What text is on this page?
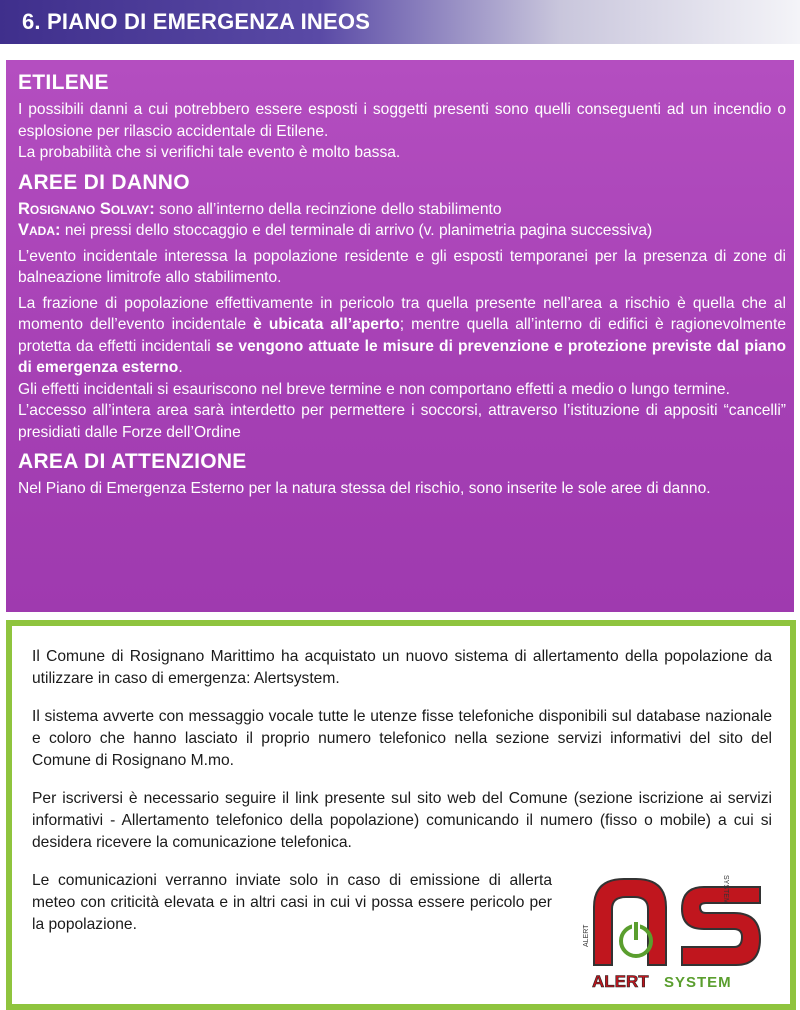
6. PIANO DI EMERGENZA INEOS
ETILENE

I possibili danni a cui potrebbero essere esposti i soggetti presenti sono quelli conseguenti ad un incendio o esplosione per rilascio accidentale di Etilene.

La probabilità che si verifichi tale evento è molto bassa.

AREE DI DANNO

Rosignano Solvay: sono all’interno della recinzione dello stabilimento

Vada: nei pressi dello stoccaggio e del terminale di arrivo (v. planimetria pagina successiva)

L’evento incidentale interessa la popolazione residente e gli esposti temporanei per la presenza di zone di balneazione limitrofe allo stabilimento.

La frazione di popolazione effettivamente in pericolo tra quella presente nell’area a rischio è quella che al momento dell’evento incidentale è ubicata all’aperto; mentre quella all’interno di edifici è ragionevolmente protetta da effetti incidentali se vengono attuate le misure di prevenzione e protezione previste dal piano di emergenza esterno.

Gli effetti incidentali si esauriscono nel breve termine e non comportano effetti a medio o lungo termine.

L’accesso all’intera area sarà interdetto per permettere i soccorsi, attraverso l’istituzione di appositi “cancelli” presidiati dalle Forze dell’Ordine

AREA DI ATTENZIONE

Nel Piano di Emergenza Esterno per la natura stessa del rischio, sono inserite le sole aree di danno.

Il Comune di Rosignano Marittimo ha acquistato un nuovo sistema di allertamento della popolazione da utilizzare in caso di emergenza: Alertsystem.

Il sistema avverte con messaggio vocale tutte le utenze fisse telefoniche disponibili sul database nazionale e coloro che hanno lasciato il proprio numero telefonico nella sezione servizi informativi del sito del Comune di Rosignano M.mo.

Per iscriversi è necessario seguire il link presente sul sito web del Comune (sezione iscrizione ai servizi informativi - Allertamento telefonico della popolazione) comunicando il numero (fisso o mobile) a cui si desidera ricevere la comunicazione telefonica.

Le comunicazioni verranno inviate solo in caso di emissione di allerta meteo con criticità elevata e in altri casi in cui vi possa essere pericolo per la popolazione.

ALERT
SYSTEM
ALERT SYSTEM
